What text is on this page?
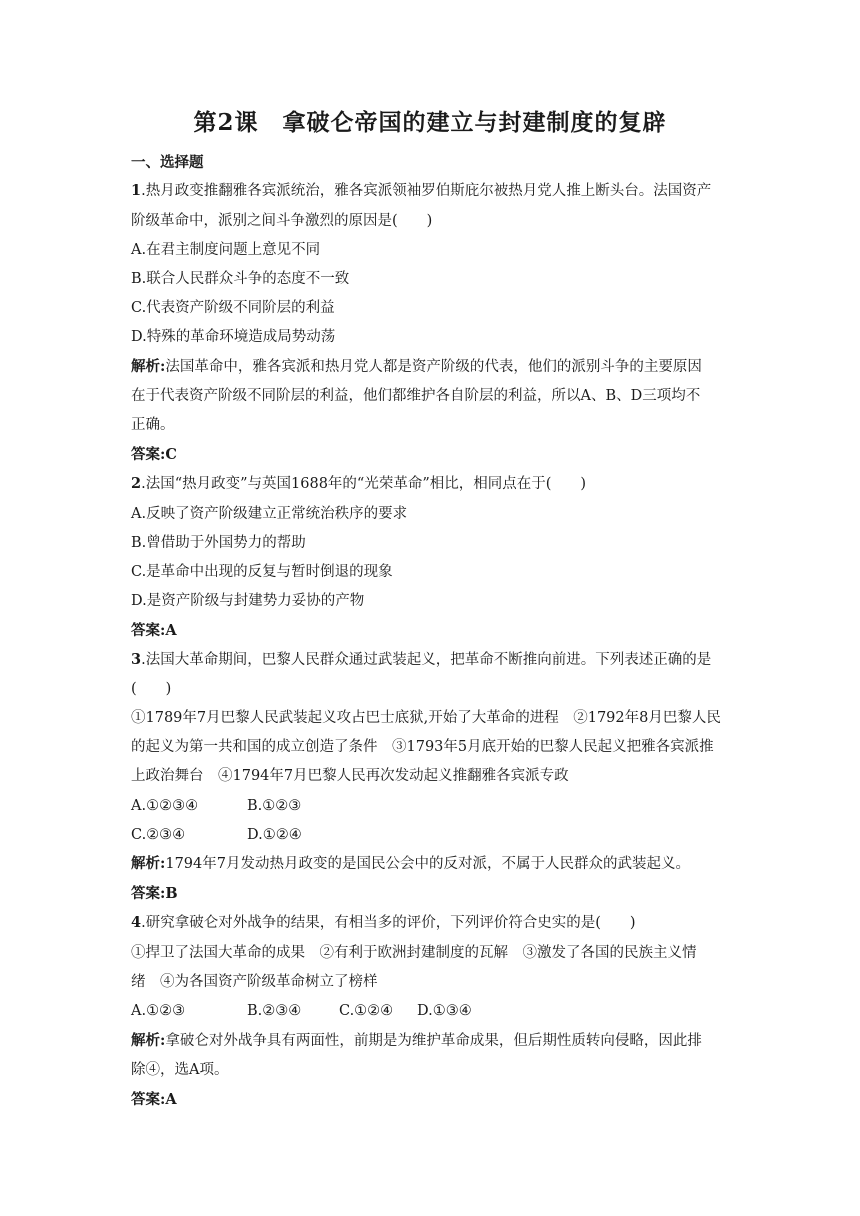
第2课　拿破仑帝国的建立与封建制度的复辟
一、选择题
1.热月政变推翻雅各宾派统治，雅各宾派领袖罗伯斯庇尔被热月党人推上断头台。法国资产
阶级革命中，派别之间斗争激烈的原因是(　　)
A.在君主制度问题上意见不同
B.联合人民群众斗争的态度不一致
C.代表资产阶级不同阶层的利益
D.特殊的革命环境造成局势动荡
解析:法国革命中，雅各宾派和热月党人都是资产阶级的代表，他们的派别斗争的主要原因
在于代表资产阶级不同阶层的利益，他们都维护各自阶层的利益，所以A、B、D三项均不
正确。
答案:C
2.法国“热月政变”与英国1688年的“光荣革命”相比，相同点在于(　　)
A.反映了资产阶级建立正常统治秩序的要求
B.曾借助于外国势力的帮助
C.是革命中出现的反复与暂时倒退的现象
D.是资产阶级与封建势力妥协的产物
答案:A
3.法国大革命期间，巴黎人民群众通过武装起义，把革命不断推向前进。下列表述正确的是
(　　)
①1789年7月巴黎人民武装起义攻占巴士底狱,开始了大革命的进程　②1792年8月巴黎人民
的起义为第一共和国的成立创造了条件　③1793年5月底开始的巴黎人民起义把雅各宾派推
上政治舞台　④1794年7月巴黎人民再次发动起义推翻雅各宾派专政
A.①②③④	B.①②③
C.②③④	D.①②④
解析:1794年7月发动热月政变的是国民公会中的反对派，不属于人民群众的武装起义。
答案:B
4.研究拿破仑对外战争的结果，有相当多的评价，下列评价符合史实的是(　　)
①捍卫了法国大革命的成果　②有利于欧洲封建制度的瓦解　③激发了各国的民族主义情
绪　④为各国资产阶级革命树立了榜样
A.①②③	B.②③④	C.①②④ D.①③④
解析:拿破仑对外战争具有两面性，前期是为维护革命成果，但后期性质转向侵略，因此排
除④，选A项。
答案:A
